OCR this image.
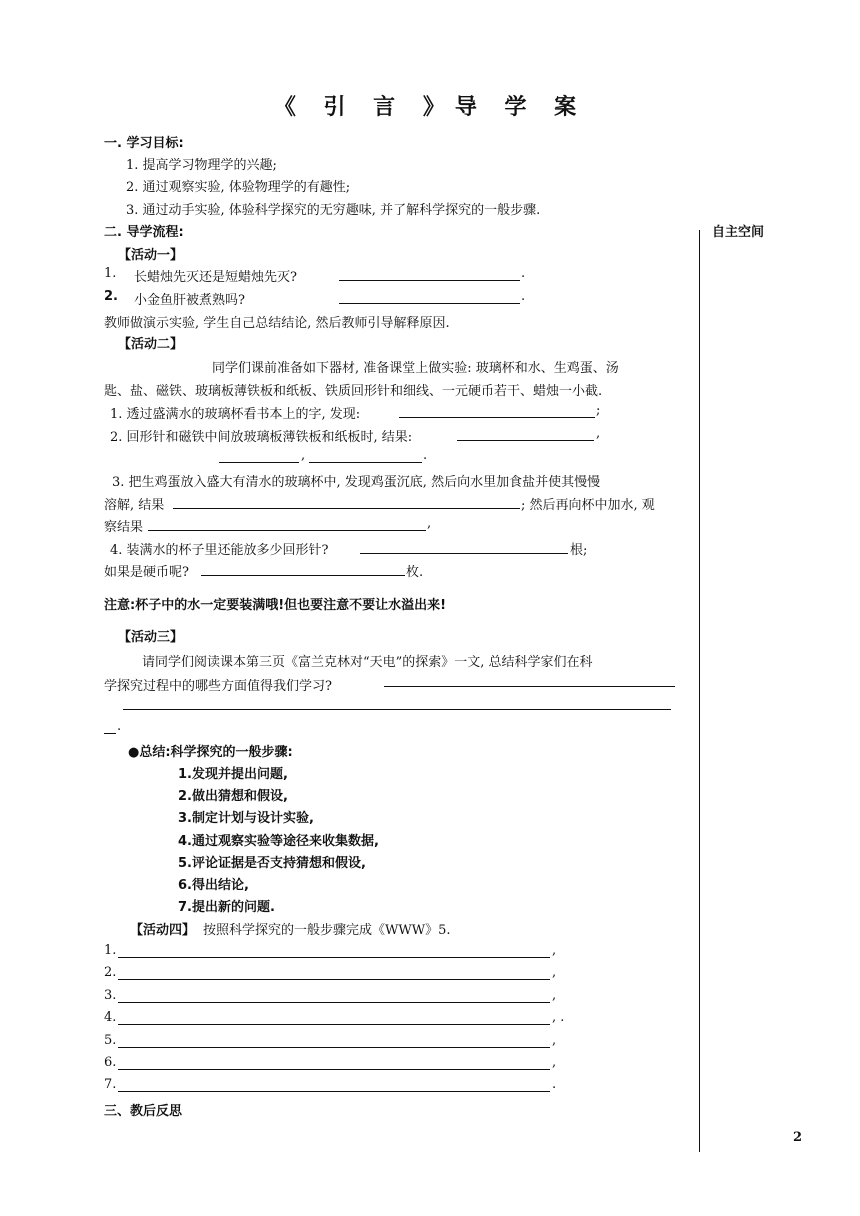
《 引 言 》导 学 案
一. 学习目标:
1. 提高学习物理学的兴趣;
2. 通过观察实验, 体验物理学的有趣性;
3. 通过动手实验, 体验科学探究的无穷趣味, 并了解科学探究的一般步骤.
自主空间
二. 导学流程:
【活动一】
1. 长蜡烛先灭还是短蜡烛先灭?	.
2. 小金鱼肝被煮熟吗?	.
教师做演示实验, 学生自己总结结论, 然后教师引导解释原因.
【活动二】
同学们课前准备如下器材, 准备课堂上做实验: 玻璃杯和水、生鸡蛋、汤
匙、盐、磁铁、玻璃板薄铁板和纸板、铁质回形针和细线、一元硬币若干、蜡烛一小截.
1. 透过盛满水的玻璃杯看书本上的字, 发现:	;
2. 回形针和磁铁中间放玻璃板薄铁板和纸板时, 结果:	,
,	.
3. 把生鸡蛋放入盛大有清水的玻璃杯中, 发现鸡蛋沉底, 然后向水里加食盐并使其慢慢
溶解, 结果	; 然后再向杯中加水, 观
察结果	,
4. 装满水的杯子里还能放多少回形针?	根;
如果是硬币呢?	枚.
注意:杯子中的水一定要装满哦!但也要注意不要让水溢出来!
【活动三】
请同学们阅读课本第三页《富兰克林对“天电”的探索》一文, 总结科学家们在科
学探究过程中的哪些方面值得我们学习?
.
●总结:科学探究的一般步骤:
1.发现并提出问题,
2.做出猜想和假设,
3.制定计划与设计实验,
4.通过观察实验等途径来收集数据,
5.评论证据是否支持猜想和假设,
6.得出结论,
7.提出新的问题.
【活动四】 按照科学探究的一般步骤完成《WWW》5.
1.	,
2.	,
3.	,
4.	, .
5.	,
6.	,
7.	.
三、教后反思
2
